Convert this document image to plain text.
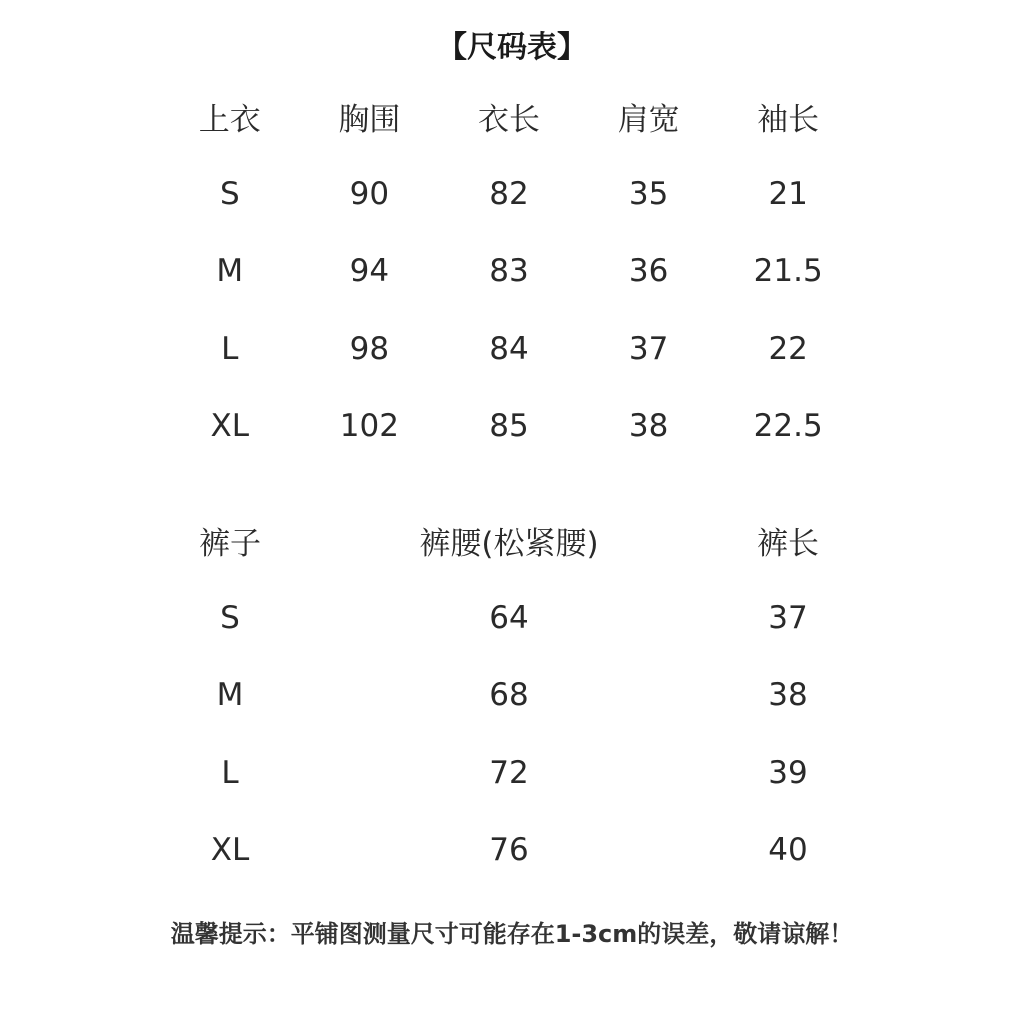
【尺码表】
上衣	胸围	衣长	肩宽	袖长
S	90	82	35	21
M	94	83	36	21.5
L	98	84	37	22
XL	102	85	38	22.5
裤子	裤腰(松紧腰)	裤长
S	64	37
M	68	38
L	72	39
XL	76	40
温馨提示：平铺图测量尺寸可能存在1-3cm的误差，敬请谅解！
